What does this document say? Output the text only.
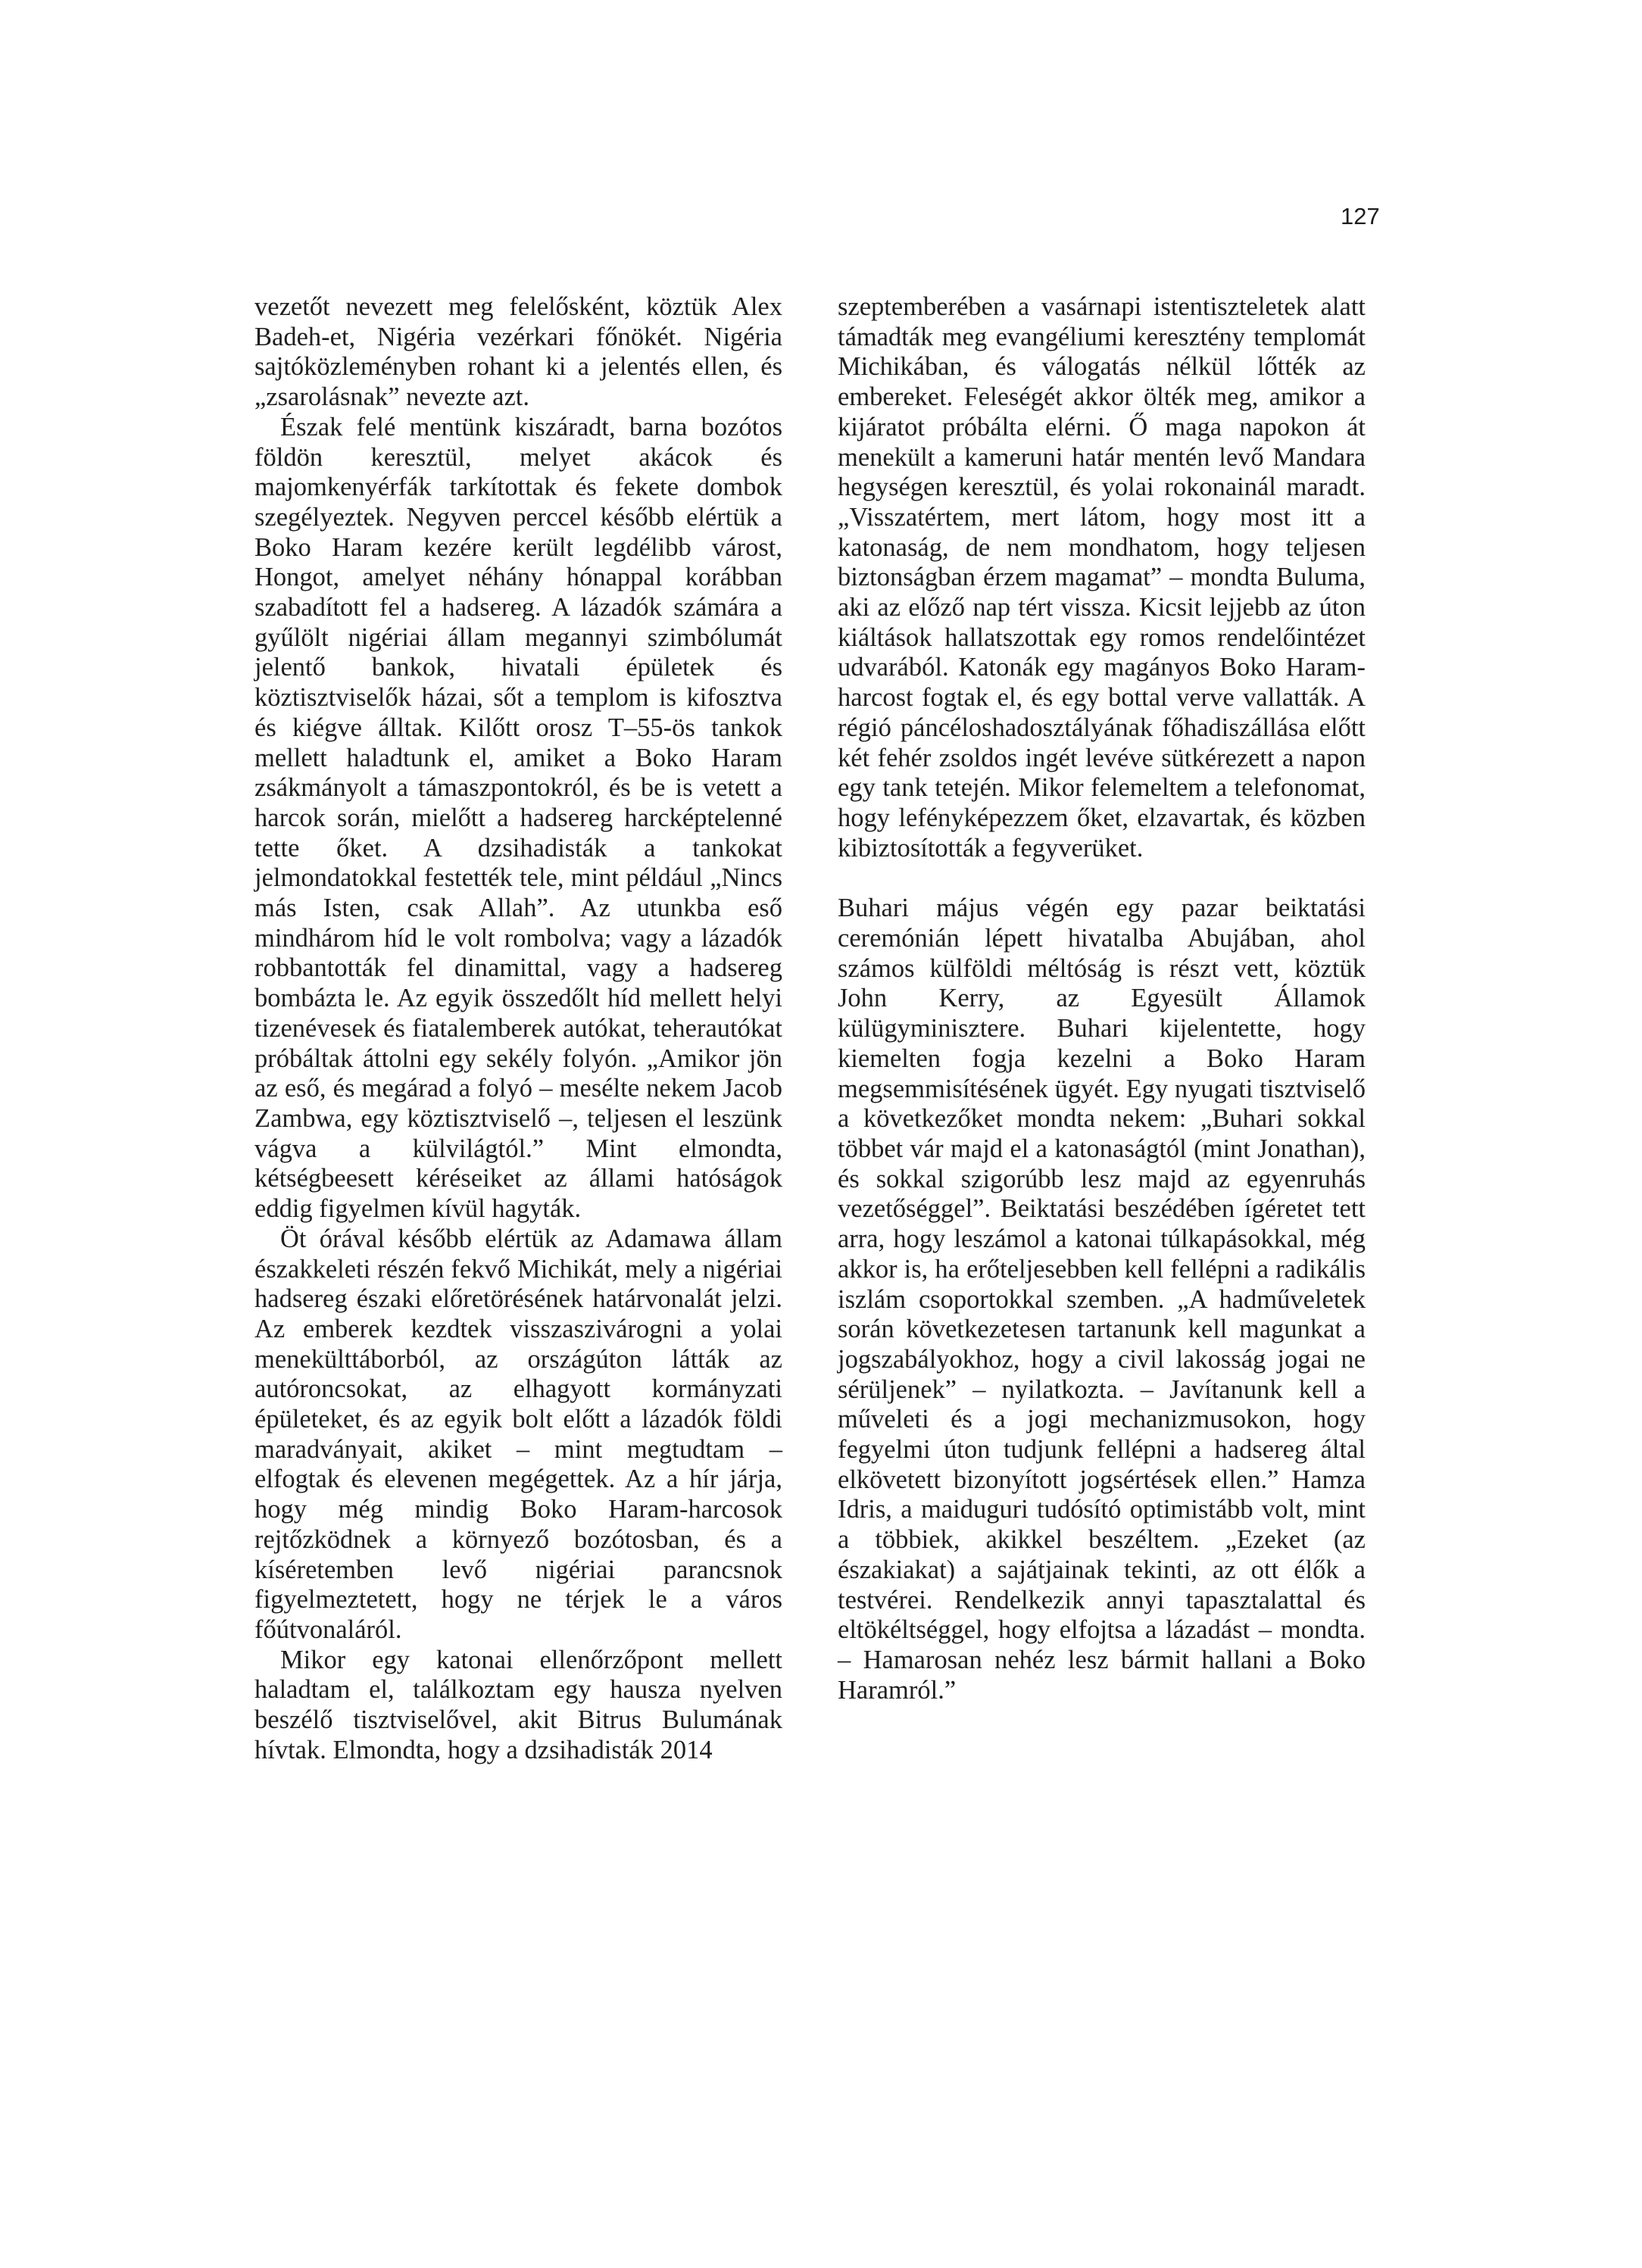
127

vezetőt nevezett meg felelősként, köztük Alex Badeh-et, Nigéria vezérkari főnökét. Nigéria sajtóközleményben rohant ki a jelentés ellen, és „zsarolásnak” nevezte azt.

Észak felé mentünk kiszáradt, barna bozótos földön keresztül, melyet akácok és majomkenyérfák tarkítottak és fekete dombok szegélyeztek. Negyven perccel később elértük a Boko Haram kezére került legdélibb várost, Hongot, amelyet néhány hónappal korábban szabadított fel a hadsereg. A lázadók számára a gyűlölt nigériai állam megannyi szimbólumát jelentő bankok, hivatali épületek és köztisztviselők házai, sőt a templom is kifosztva és kiégve álltak. Kilőtt orosz T–55-ös tankok mellett haladtunk el, amiket a Boko Haram zsákmányolt a támaszpontokról, és be is vetett a harcok során, mielőtt a hadsereg harcképtelenné tette őket. A dzsihadisták a tankokat jelmondatokkal festették tele, mint például „Nincs más Isten, csak Allah”. Az utunkba eső mindhárom híd le volt rombolva; vagy a lázadók robbantották fel dinamittal, vagy a hadsereg bombázta le. Az egyik összedőlt híd mellett helyi tizenévesek és fiatalemberek autókat, teherautókat próbáltak áttolni egy sekély folyón. „Amikor jön az eső, és megárad a folyó – mesélte nekem Jacob Zambwa, egy köztisztviselő –, teljesen el leszünk vágva a külvilágtól.” Mint elmondta, kétségbeesett kéréseiket az állami hatóságok eddig figyelmen kívül hagyták.

Öt órával később elértük az Adamawa állam északkeleti részén fekvő Michikát, mely a nigériai hadsereg északi előretörésének határvonalát jelzi. Az emberek kezdtek visszaszivárogni a yolai menekülttáborból, az országúton látták az autóroncsokat, az elhagyott kormányzati épületeket, és az egyik bolt előtt a lázadók földi maradványait, akiket – mint megtudtam – elfogtak és elevenen megégettek. Az a hír járja, hogy még mindig Boko Haram-harcosok rejtőzködnek a környező bozótosban, és a kíséretemben levő nigériai parancsnok figyelmeztetett, hogy ne térjek le a város főútvonaláról.

Mikor egy katonai ellenőrzőpont mellett haladtam el, találkoztam egy hausza nyelven beszélő tisztviselővel, akit Bitrus Bulumának hívtak. Elmondta, hogy a dzsihadisták 2014

szeptemberében a vasárnapi istentiszteletek alatt támadták meg evangéliumi keresztény templomát Michikában, és válogatás nélkül lőtték az embereket. Feleségét akkor ölték meg, amikor a kijáratot próbálta elérni. Ő maga napokon át menekült a kameruni határ mentén levő Mandara hegységen keresztül, és yolai rokonainál maradt. „Visszatértem, mert látom, hogy most itt a katonaság, de nem mondhatom, hogy teljesen biztonságban érzem magamat” – mondta Buluma, aki az előző nap tért vissza. Kicsit lejjebb az úton kiáltások hallatszottak egy romos rendelőintézet udvarából. Katonák egy magányos Boko Haram-harcost fogtak el, és egy bottal verve vallatták. A régió páncéloshadosztályának főhadiszállása előtt két fehér zsoldos ingét levéve sütkérezett a napon egy tank tetején. Mikor felemeltem a telefonomat, hogy lefényképezzem őket, elzavartak, és közben kibiztosították a fegyverüket.

Buhari május végén egy pazar beiktatási ceremónián lépett hivatalba Abujában, ahol számos külföldi méltóság is részt vett, köztük John Kerry, az Egyesült Államok külügyminisztere. Buhari kijelentette, hogy kiemelten fogja kezelni a Boko Haram megsemmisítésének ügyét. Egy nyugati tisztviselő a következőket mondta nekem: „Buhari sokkal többet vár majd el a katonaságtól (mint Jonathan), és sokkal szigorúbb lesz majd az egyenruhás vezetőséggel”. Beiktatási beszédében ígéretet tett arra, hogy leszámol a katonai túlkapásokkal, még akkor is, ha erőteljesebben kell fellépni a radikális iszlám csoportokkal szemben. „A hadműveletek során következetesen tartanunk kell magunkat a jogszabályokhoz, hogy a civil lakosság jogai ne sérüljenek” – nyilatkozta. – Javítanunk kell a műveleti és a jogi mechanizmusokon, hogy fegyelmi úton tudjunk fellépni a hadsereg által elkövetett bizonyított jogsértések ellen.” Hamza Idris, a maiduguri tudósító optimistább volt, mint a többiek, akikkel beszéltem. „Ezeket (az északiakat) a sajátjainak tekinti, az ott élők a testvérei. Rendelkezik annyi tapasztalattal és eltökéltséggel, hogy elfojtsa a lázadást – mondta. – Hamarosan nehéz lesz bármit hallani a Boko Haramról.”
